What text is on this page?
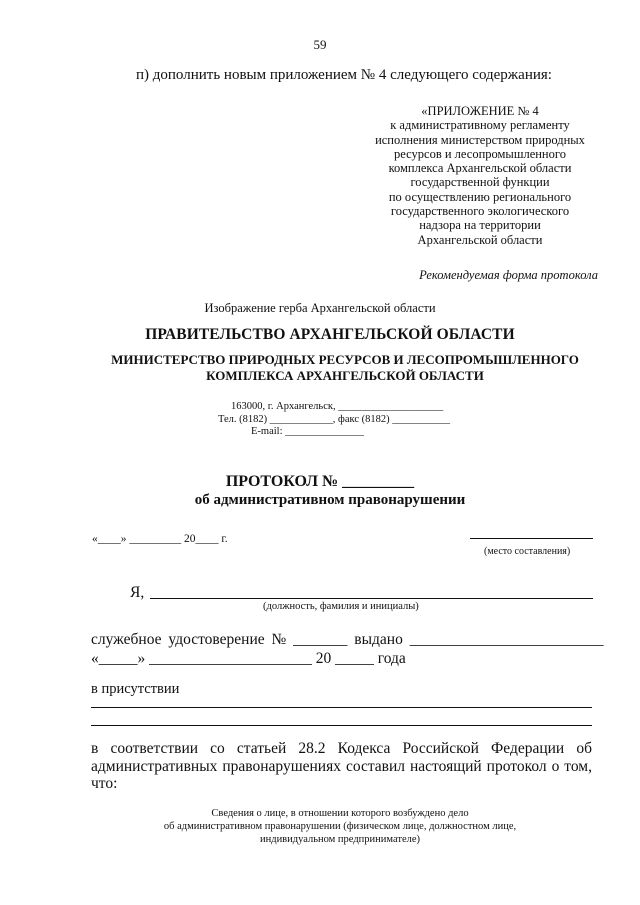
59
п) дополнить новым приложением № 4 следующего содержания:
«ПРИЛОЖЕНИЕ № 4
к административному регламенту
исполнения министерством природных
ресурсов и лесопромышленного
комплекса Архангельской области
государственной функции
по осуществлению регионального
государственного экологического
надзора на территории
Архангельской области
Рекомендуемая форма протокола
Изображение герба Архангельской области
ПРАВИТЕЛЬСТВО АРХАНГЕЛЬСКОЙ ОБЛАСТИ
МИНИСТЕРСТВО ПРИРОДНЫХ РЕСУРСОВ И ЛЕСОПРОМЫШЛЕННОГО
КОМПЛЕКСА АРХАНГЕЛЬСКОЙ ОБЛАСТИ
163000, г. Архангельск, ____________________
Тел. (8182) ____________, факс (8182) ___________
E-mail: _______________
ПРОТОКОЛ № _________
об административном правонарушении
«____» _________ 20____ г.
(место составления)
Я,
(должность, фамилия и инициалы)
служебное удостоверение № _______ выдано _________________________
«_____» _____________________ 20 _____ года
в присутствии
в соответствии со статьей 28.2 Кодекса Российской Федерации об административных правонарушениях составил настоящий протокол о том, что:
Сведения о лице, в отношении которого возбуждено дело
об административном правонарушении (физическом лице, должностном лице,
индивидуальном предпринимателе)
